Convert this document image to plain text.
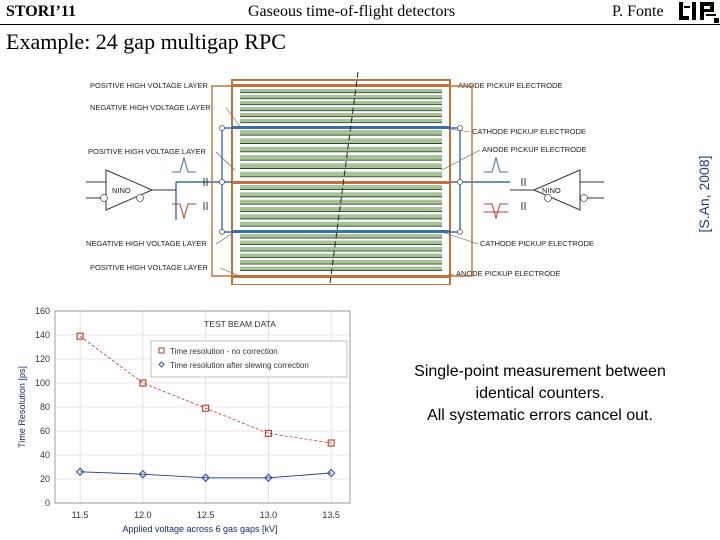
STORI’11	Gaseous time-of-flight detectors	P. Fonte
Example: 24 gap multigap RPC
POSITIVE HIGH VOLTAGE LAYER
NEGATIVE HIGH VOLTAGE LAYER
POSITIVE HIGH VOLTAGE LAYER
NEGATIVE HIGH VOLTAGE LAYER
POSITIVE HIGH VOLTAGE LAYER
ANODE PICKUP ELECTRODE
CATHODE PICKUP ELECTRODE
ANODE PICKUP ELECTRODE
CATHODE PICKUP ELECTRODE
ANODE PICKUP ELECTRODE
NINO	NINO	[S.An, 2008]
Single-point measurement between
identical counters.
All systematic errors cancel out.
0
20
40
60
80
100
120
140
160
11.5	12.0	12.5	13.0	13.5
TEST BEAM DATA
Time resolution - no correction
Time resolution after slewing correction
Applied voltage across 6 gas gaps [kV]
Time Resolution [ps]
